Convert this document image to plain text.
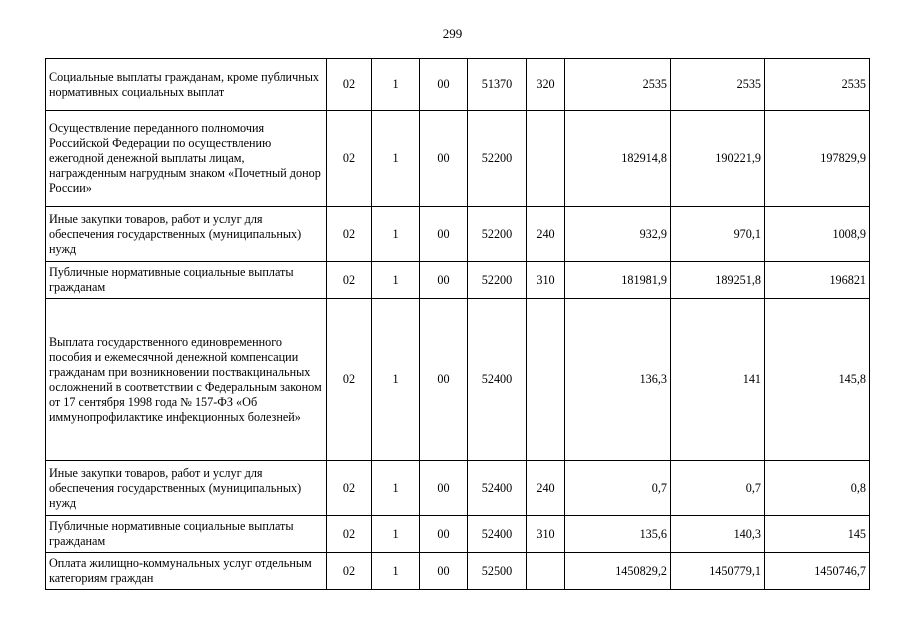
299
Социальные выплаты гражданам, кроме публичных нормативных социальных выплат	02	1	00	51370	320	2535	2535	2535
Осуществление переданного полномочия Российской Федерации по осуществлению ежегодной денежной выплаты лицам, награжденным нагрудным знаком «Почетный донор России»	02	1	00	52200		182914,8	190221,9	197829,9
Иные закупки товаров, работ и услуг для обеспечения государственных (муниципальных) нужд	02	1	00	52200	240	932,9	970,1	1008,9
Публичные нормативные социальные выплаты гражданам	02	1	00	52200	310	181981,9	189251,8	196821
Выплата государственного единовременного пособия и ежемесячной денежной компенсации гражданам при возникновении поствакцинальных осложнений в соответствии с Федеральным законом от 17 сентября 1998 года № 157-ФЗ «Об иммунопрофилактике инфекционных болезней»	02	1	00	52400		136,3	141	145,8
Иные закупки товаров, работ и услуг для обеспечения государственных (муниципальных) нужд	02	1	00	52400	240	0,7	0,7	0,8
Публичные нормативные социальные выплаты гражданам	02	1	00	52400	310	135,6	140,3	145
Оплата жилищно-коммунальных услуг отдельным категориям граждан	02	1	00	52500		1450829,2	1450779,1	1450746,7
